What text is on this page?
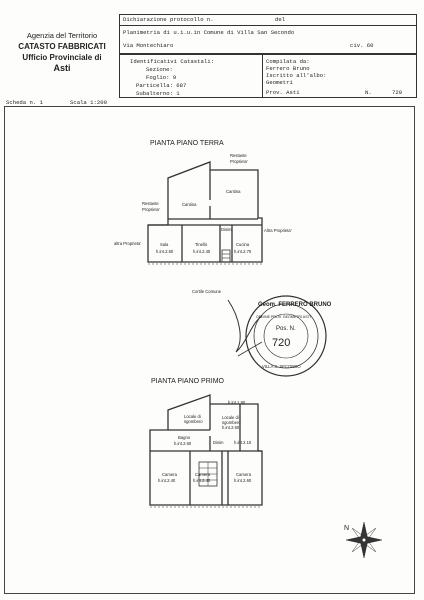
Agenzia del Territorio
CATASTO FABBRICATI
Ufficio Provinciale di
Asti
Dichiarazione protocollo n.	del
Planimetria di u.i.u.in Comune di Villa San Secondo
Via Montechiaro	civ. 60
Identificativi Catastali:
Sezione:
Foglio: 9
Particella: 687
Subalterno: 1
Compilata da:
Ferrero Bruno
Iscritto all'albo:
Geometri
Prov. Asti	N.	720
Scheda n. 1	Scala 1:200
PIANTA PIANO TERRA
Cantina
Cantina
Sala
h.int.2.60
Tinello
h.int.2.40
Cucina
h.int.2.70
Disim
Restante
Proprieta'
Restante
Proprieta'
altra Proprieta'
Altra Proprieta'
Cortile Comune
Geom. FERRERO BRUNO
ORDINE PROV. GEOMETRI ASTI
Pos. N.
720
VILLA S. SECONDO
PIANTA PIANO PRIMO
h.int.1.90
Locale di
sgombero
Locale di
sgombero
h.int.2.60
Bagno
h.int.2.60	Disim	h.int.2.10
Camera
h.int.2.40
Camera
h.int.2.40
Camera
h.int.2.60
N
